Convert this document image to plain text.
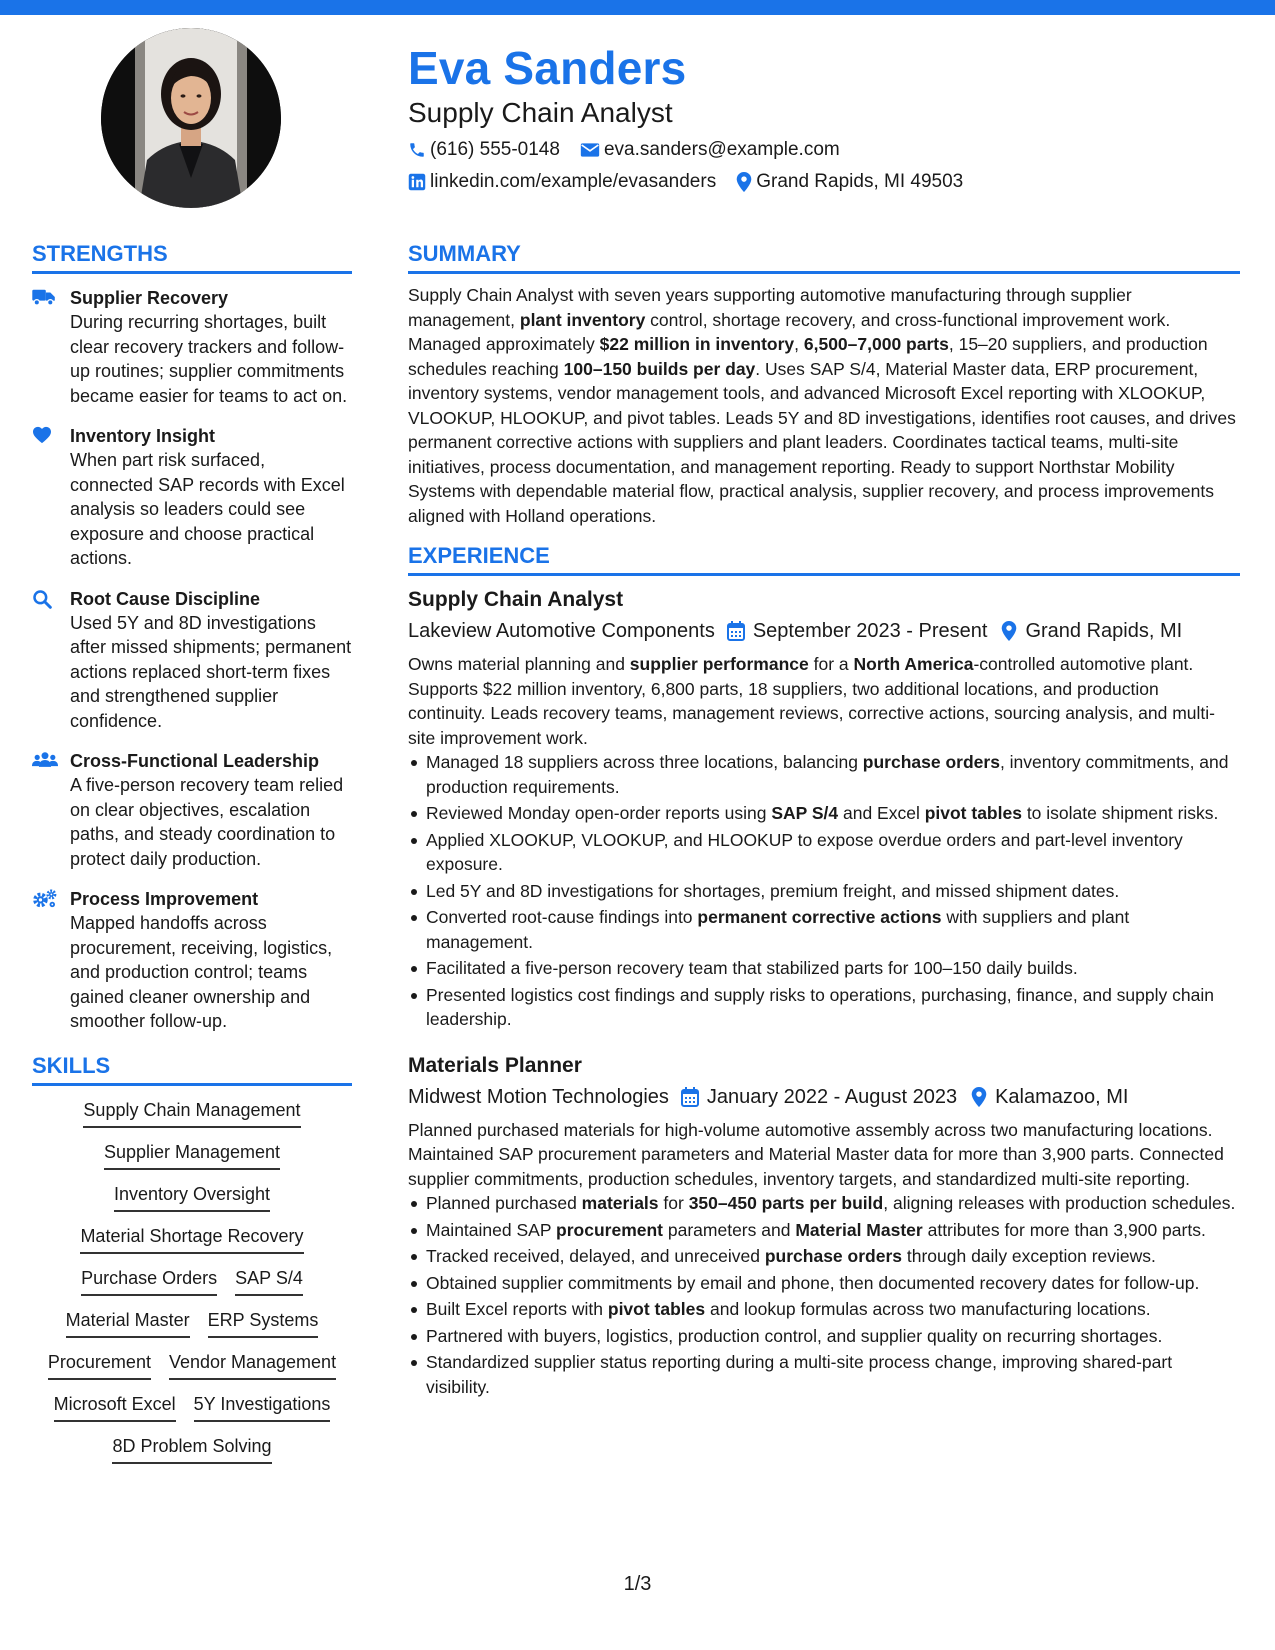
Eva Sanders
Supply Chain Analyst
(616) 555-0148 eva.sanders@example.com
linkedin.com/example/evasanders Grand Rapids, MI 49503
STRENGTHS
Supplier Recovery
During recurring shortages, built clear recovery trackers and follow-up routines; supplier commitments became easier for teams to act on.
Inventory Insight
When part risk surfaced, connected SAP records with Excel analysis so leaders could see exposure and choose practical actions.
Root Cause Discipline
Used 5Y and 8D investigations after missed shipments; permanent actions replaced short-term fixes and strengthened supplier confidence.
Cross-Functional Leadership
A five-person recovery team relied on clear objectives, escalation paths, and steady coordination to protect daily production.
Process Improvement
Mapped handoffs across procurement, receiving, logistics, and production control; teams gained cleaner ownership and smoother follow-up.
SKILLS
Supply Chain Management
Supplier Management
Inventory Oversight
Material Shortage Recovery
Purchase Orders SAP S/4
Material Master ERP Systems
Procurement Vendor Management
Microsoft Excel 5Y Investigations
8D Problem Solving
SUMMARY
Supply Chain Analyst with seven years supporting automotive manufacturing through supplier management, plant inventory control, shortage recovery, and cross-functional improvement work. Managed approximately $22 million in inventory, 6,500–7,000 parts, 15–20 suppliers, and production schedules reaching 100–150 builds per day. Uses SAP S/4, Material Master data, ERP procurement, inventory systems, vendor management tools, and advanced Microsoft Excel reporting with XLOOKUP, VLOOKUP, HLOOKUP, and pivot tables. Leads 5Y and 8D investigations, identifies root causes, and drives permanent corrective actions with suppliers and plant leaders. Coordinates tactical teams, multi-site initiatives, process documentation, and management reporting. Ready to support Northstar Mobility Systems with dependable material flow, practical analysis, supplier recovery, and process improvements aligned with Holland operations.
EXPERIENCE
Supply Chain Analyst
Lakeview Automotive Components September 2023 - Present Grand Rapids, MI
Owns material planning and supplier performance for a North America-controlled automotive plant. Supports $22 million inventory, 6,800 parts, 18 suppliers, two additional locations, and production continuity. Leads recovery teams, management reviews, corrective actions, sourcing analysis, and multi-site improvement work.
Managed 18 suppliers across three locations, balancing purchase orders, inventory commitments, and production requirements.
Reviewed Monday open-order reports using SAP S/4 and Excel pivot tables to isolate shipment risks.
Applied XLOOKUP, VLOOKUP, and HLOOKUP to expose overdue orders and part-level inventory exposure.
Led 5Y and 8D investigations for shortages, premium freight, and missed shipment dates.
Converted root-cause findings into permanent corrective actions with suppliers and plant management.
Facilitated a five-person recovery team that stabilized parts for 100–150 daily builds.
Presented logistics cost findings and supply risks to operations, purchasing, finance, and supply chain leadership.
Materials Planner
Midwest Motion Technologies January 2022 - August 2023 Kalamazoo, MI
Planned purchased materials for high-volume automotive assembly across two manufacturing locations. Maintained SAP procurement parameters and Material Master data for more than 3,900 parts. Connected supplier commitments, production schedules, inventory targets, and standardized multi-site reporting.
Planned purchased materials for 350–450 parts per build, aligning releases with production schedules.
Maintained SAP procurement parameters and Material Master attributes for more than 3,900 parts.
Tracked received, delayed, and unreceived purchase orders through daily exception reviews.
Obtained supplier commitments by email and phone, then documented recovery dates for follow-up.
Built Excel reports with pivot tables and lookup formulas across two manufacturing locations.
Partnered with buyers, logistics, production control, and supplier quality on recurring shortages.
Standardized supplier status reporting during a multi-site process change, improving shared-part visibility.
1/3
